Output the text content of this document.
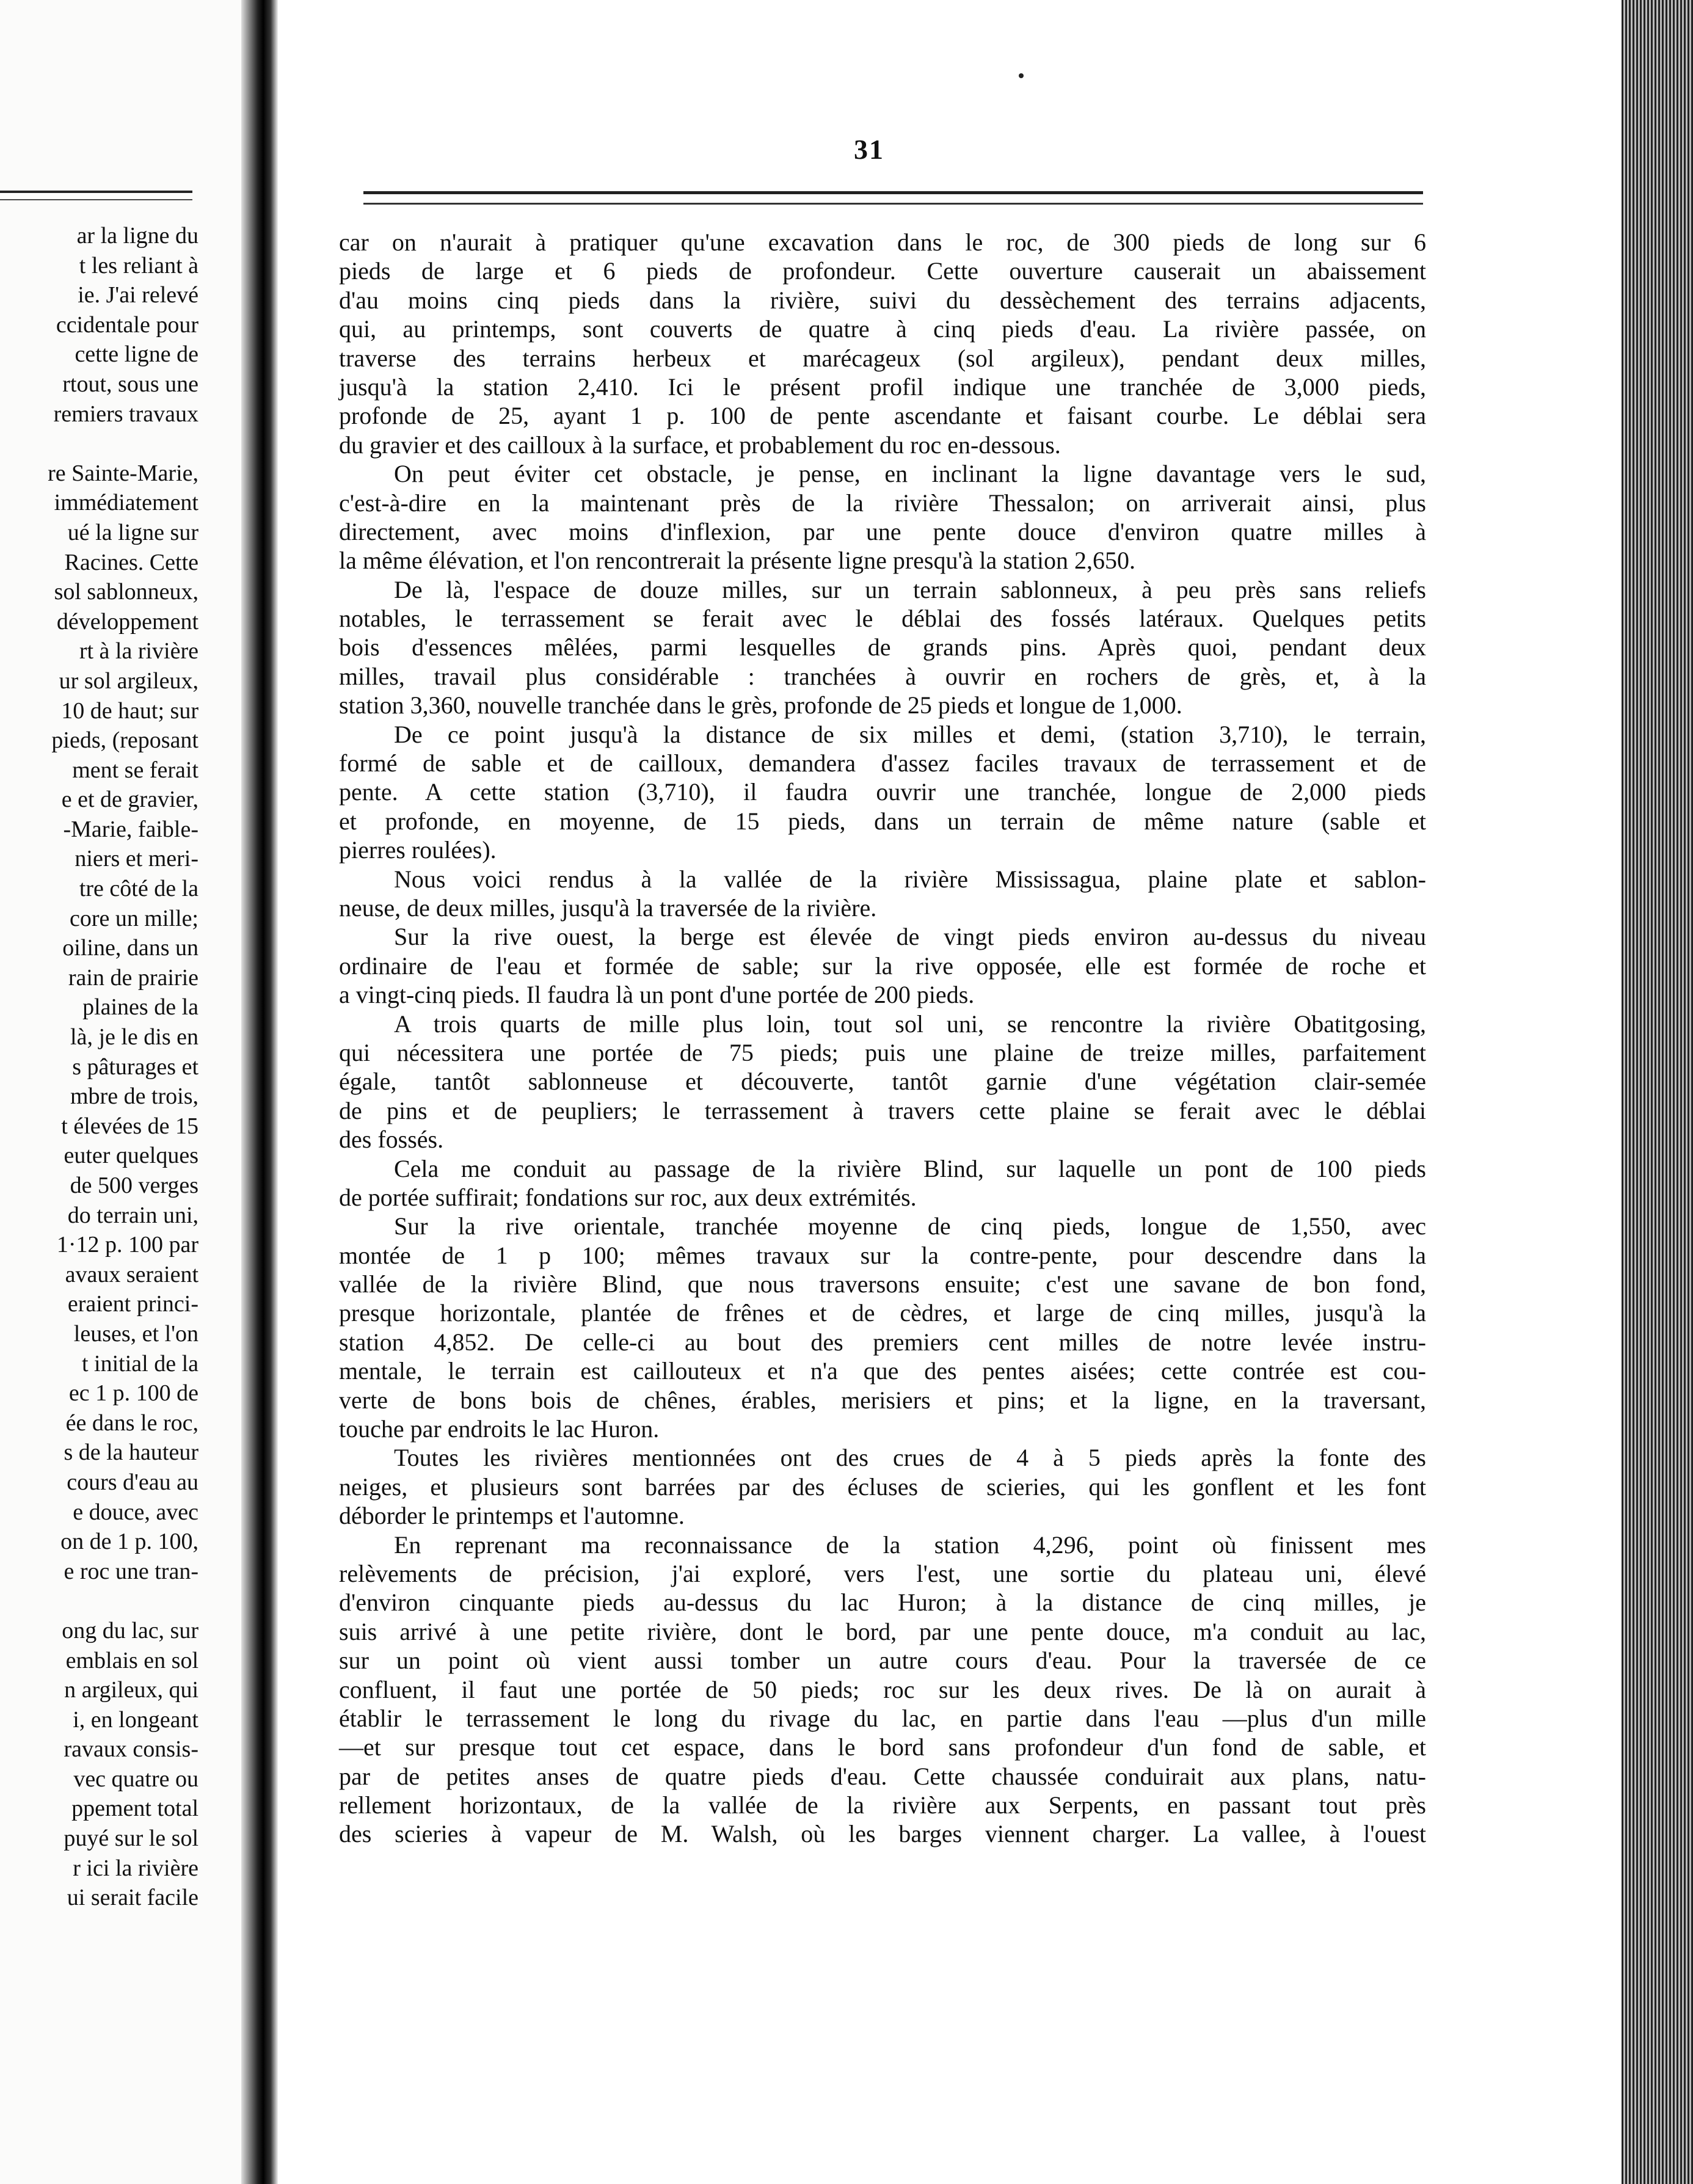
ar la ligne du
t les reliant à
ie. J'ai relevé
ccidentale pour
cette ligne de
rtout, sous une
remiers travaux
re Sainte-Marie,
immédiatement
ué la ligne sur
Racines. Cette
sol sablonneux,
développement
rt à la rivière
ur sol argileux,
10 de haut; sur
pieds, (reposant
ment se ferait
e et de gravier,
-Marie, faible-
niers et meri-
tre côté de la
core un mille;
oiline, dans un
rain de prairie
plaines de la
là, je le dis en
s pâturages et
mbre de trois,
t élevées de 15
euter quelques
de 500 verges
do terrain uni,
1·12 p. 100 par
avaux seraient
eraient princi-
leuses, et l'on
t initial de la
ec 1 p. 100 de
ée dans le roc,
s de la hauteur
cours d'eau au
e douce, avec
on de 1 p. 100,
e roc une tran-
ong du lac, sur
emblais en sol
n argileux, qui
i, en longeant
ravaux consis-
vec quatre ou
ppement total
puyé sur le sol
r ici la rivière
ui serait facile
31
car on n'aurait à pratiquer qu'une excavation dans le roc, de 300 pieds de long sur 6
pieds de large et 6 pieds de profondeur. Cette ouverture causerait un abaissement
d'au moins cinq pieds dans la rivière, suivi du dessèchement des terrains adjacents,
qui, au printemps, sont couverts de quatre à cinq pieds d'eau. La rivière passée, on
traverse des terrains herbeux et marécageux (sol argileux), pendant deux milles,
jusqu'à la station 2,410. Ici le présent profil indique une tranchée de 3,000 pieds,
profonde de 25, ayant 1 p. 100 de pente ascendante et faisant courbe. Le déblai sera
du gravier et des cailloux à la surface, et probablement du roc en-dessous.
On peut éviter cet obstacle, je pense, en inclinant la ligne davantage vers le sud,
c'est-à-dire en la maintenant près de la rivière Thessalon; on arriverait ainsi, plus
directement, avec moins d'inflexion, par une pente douce d'environ quatre milles à
la même élévation, et l'on rencontrerait la présente ligne presqu'à la station 2,650.
De là, l'espace de douze milles, sur un terrain sablonneux, à peu près sans reliefs
notables, le terrassement se ferait avec le déblai des fossés latéraux. Quelques petits
bois d'essences mêlées, parmi lesquelles de grands pins. Après quoi, pendant deux
milles, travail plus considérable : tranchées à ouvrir en rochers de grès, et, à la
station 3,360, nouvelle tranchée dans le grès, profonde de 25 pieds et longue de 1,000.
De ce point jusqu'à la distance de six milles et demi, (station 3,710), le terrain,
formé de sable et de cailloux, demandera d'assez faciles travaux de terrassement et de
pente. A cette station (3,710), il faudra ouvrir une tranchée, longue de 2,000 pieds
et profonde, en moyenne, de 15 pieds, dans un terrain de même nature (sable et
pierres roulées).
Nous voici rendus à la vallée de la rivière Mississagua, plaine plate et sablon-
neuse, de deux milles, jusqu'à la traversée de la rivière.
Sur la rive ouest, la berge est élevée de vingt pieds environ au-dessus du niveau
ordinaire de l'eau et formée de sable; sur la rive opposée, elle est formée de roche et
a vingt-cinq pieds. Il faudra là un pont d'une portée de 200 pieds.
A trois quarts de mille plus loin, tout sol uni, se rencontre la rivière Obatitgosing,
qui nécessitera une portée de 75 pieds; puis une plaine de treize milles, parfaitement
égale, tantôt sablonneuse et découverte, tantôt garnie d'une végétation clair-semée
de pins et de peupliers; le terrassement à travers cette plaine se ferait avec le déblai
des fossés.
Cela me conduit au passage de la rivière Blind, sur laquelle un pont de 100 pieds
de portée suffirait; fondations sur roc, aux deux extrémités.
Sur la rive orientale, tranchée moyenne de cinq pieds, longue de 1,550, avec
montée de 1 p 100; mêmes travaux sur la contre-pente, pour descendre dans la
vallée de la rivière Blind, que nous traversons ensuite; c'est une savane de bon fond,
presque horizontale, plantée de frênes et de cèdres, et large de cinq milles, jusqu'à la
station 4,852. De celle-ci au bout des premiers cent milles de notre levée instru-
mentale, le terrain est caillouteux et n'a que des pentes aisées; cette contrée est cou-
verte de bons bois de chênes, érables, merisiers et pins; et la ligne, en la traversant,
touche par endroits le lac Huron.
Toutes les rivières mentionnées ont des crues de 4 à 5 pieds après la fonte des
neiges, et plusieurs sont barrées par des écluses de scieries, qui les gonflent et les font
déborder le printemps et l'automne.
En reprenant ma reconnaissance de la station 4,296, point où finissent mes
relèvements de précision, j'ai exploré, vers l'est, une sortie du plateau uni, élevé
d'environ cinquante pieds au-dessus du lac Huron; à la distance de cinq milles, je
suis arrivé à une petite rivière, dont le bord, par une pente douce, m'a conduit au lac,
sur un point où vient aussi tomber un autre cours d'eau. Pour la traversée de ce
confluent, il faut une portée de 50 pieds; roc sur les deux rives. De là on aurait à
établir le terrassement le long du rivage du lac, en partie dans l'eau —plus d'un mille
—et sur presque tout cet espace, dans le bord sans profondeur d'un fond de sable, et
par de petites anses de quatre pieds d'eau. Cette chaussée conduirait aux plans, natu-
rellement horizontaux, de la vallée de la rivière aux Serpents, en passant tout près
des scieries à vapeur de M. Walsh, où les barges viennent charger. La vallee, à l'ouest
